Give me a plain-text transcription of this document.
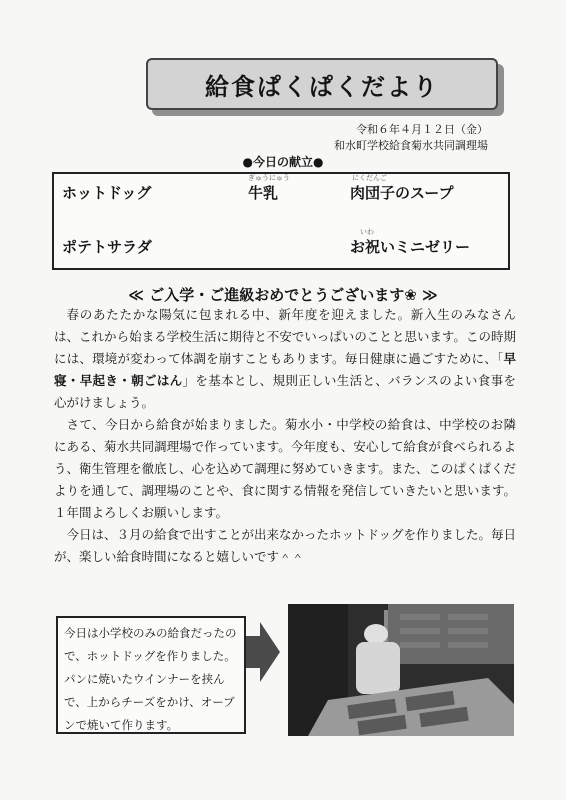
給食ぱくぱくだより
令和６年４月１２日（金）
和水町学校給食菊水共同調理場
●今日の献立●
ホットドッグ
ぎゅうにゅう
牛乳
にくだんご
肉団子のスープ
ポテトサラダ
いわ
お祝いミニゼリー
≪ ご入学・ご進級おめでとうございます❀ ≫

春のあたたかな陽気に包まれる中、新年度を迎えました。新入生のみなさんは、これから始まる学校生活に期待と不安でいっぱいのことと思います。この時期には、環境が変わって体調を崩すこともあります。毎日健康に過ごすために、「早寝・早起き・朝ごはん」を基本とし、規則正しい生活と、バランスのよい食事を心がけましょう。

さて、今日から給食が始まりました。菊水小・中学校の給食は、中学校のお隣にある、菊水共同調理場で作っています。今年度も、安心して給食が食べられるよう、衛生管理を徹底し、心を込めて調理に努めていきます。また、このぱくぱくだよりを通して、調理場のことや、食に関する情報を発信していきたいと思います。１年間よろしくお願いします。

今日は、３月の給食で出すことが出来なかったホットドッグを作りました。毎日が、楽しい給食時間になると嬉しいです＾＾

今日は小学校のみの給食だったので、ホットドッグを作りました。パンに焼いたウインナーを挟んで、上からチーズをかけ、オーブンで焼いて作ります。
